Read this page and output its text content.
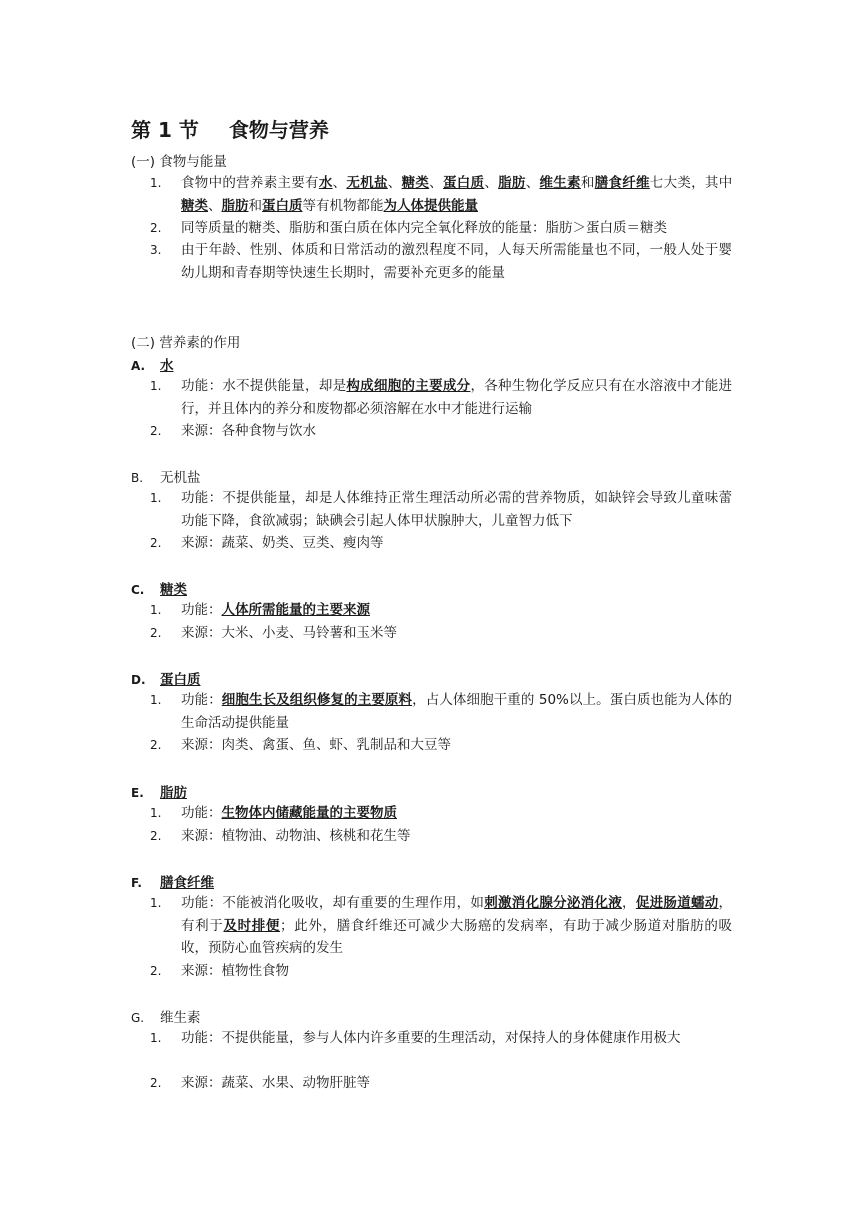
第 1 节 食物与营养
(一) 食物与能量
1. 食物中的营养素主要有水、无机盐、糖类、蛋白质、脂肪、维生素和膳食纤维七大类，其中糖类、脂肪和蛋白质等有机物都能为人体提供能量
2. 同等质量的糖类、脂肪和蛋白质在体内完全氧化释放的能量：脂肪＞蛋白质＝糖类
3. 由于年龄、性别、体质和日常活动的激烈程度不同，人每天所需能量也不同，一般人处于婴幼儿期和青春期等快速生长期时，需要补充更多的能量
(二) 营养素的作用
A. 水
1. 功能：水不提供能量，却是构成细胞的主要成分，各种生物化学反应只有在水溶液中才能进行，并且体内的养分和废物都必须溶解在水中才能进行运输
2. 来源：各种食物与饮水
B. 无机盐
1. 功能：不提供能量，却是人体维持正常生理活动所必需的营养物质，如缺锌会导致儿童味蕾功能下降，食欲减弱；缺碘会引起人体甲状腺肿大，儿童智力低下
2. 来源：蔬菜、奶类、豆类、瘦肉等
C. 糖类
1. 功能：人体所需能量的主要来源
2. 来源：大米、小麦、马铃薯和玉米等
D. 蛋白质
1. 功能：细胞生长及组织修复的主要原料，占人体细胞干重的 50%以上。蛋白质也能为人体的生命活动提供能量
2. 来源：肉类、禽蛋、鱼、虾、乳制品和大豆等
E. 脂肪
1. 功能：生物体内储藏能量的主要物质
2. 来源：植物油、动物油、核桃和花生等
F. 膳食纤维
1. 功能：不能被消化吸收，却有重要的生理作用，如刺激消化腺分泌消化液，促进肠道蠕动，有利于及时排便；此外，膳食纤维还可减少大肠癌的发病率，有助于减少肠道对脂肪的吸收，预防心血管疾病的发生
2. 来源：植物性食物
G. 维生素
1. 功能：不提供能量，参与人体内许多重要的生理活动，对保持人的身体健康作用极大
2. 来源：蔬菜、水果、动物肝脏等
